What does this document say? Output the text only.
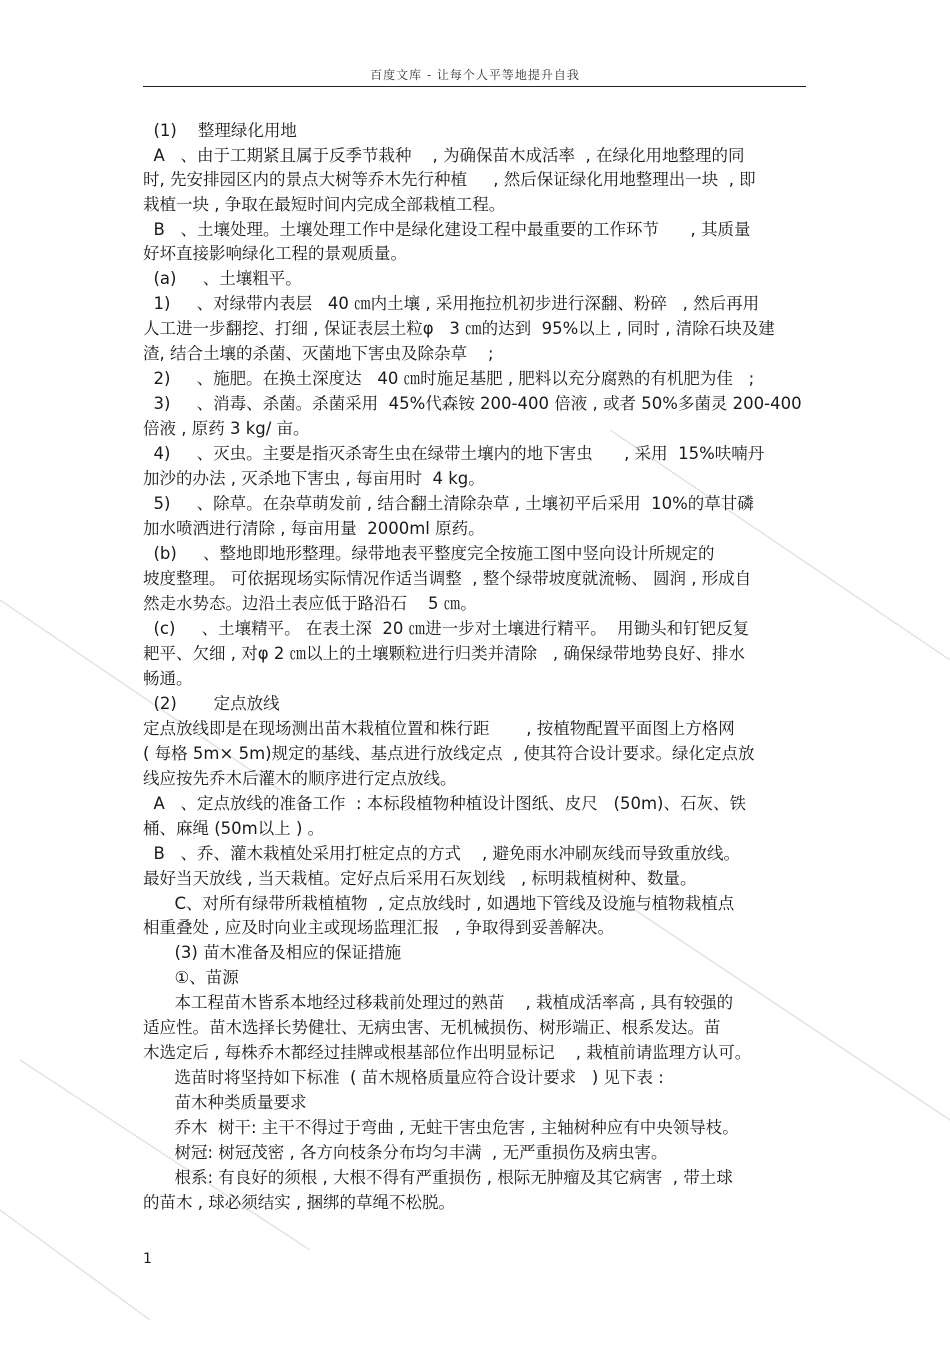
百度文库 - 让每个人平等地提升自我
(1)    整理绿化用地
A   、由于工期紧且属于反季节栽种    , 为确保苗木成活率  , 在绿化用地整理的同
时, 先安排园区内的景点大树等乔木先行种植     , 然后保证绿化用地整理出一块  , 即
栽植一块 , 争取在最短时间内完成全部栽植工程。
B   、土壤处理。土壤处理工作中是绿化建设工程中最重要的工作环节      , 其质量
好坏直接影响绿化工程的景观质量。
(a)     、土壤粗平。
1)     、对绿带内表层   40 ㎝内土壤 , 采用拖拉机初步进行深翻、粉碎   , 然后再用
人工进一步翻挖、打细 , 保证表层土粒φ   3 ㎝的达到  95%以上 , 同时 , 清除石块及建
渣, 结合土壤的杀菌、灭菌地下害虫及除杂草    ;
2)     、施肥。在换土深度达   40 ㎝时施足基肥 , 肥料以充分腐熟的有机肥为佳   ;
3)     、消毒、杀菌。杀菌采用  45%代森铵 200-400 倍液 , 或者 50%多菌灵 200-400
倍液 , 原药 3 kg/ 亩。
4)     、灭虫。主要是指灭杀寄生虫在绿带土壤内的地下害虫      , 采用  15%呋喃丹
加沙的办法 , 灭杀地下害虫 , 每亩用时  4 kg。
5)     、除草。在杂草萌发前 , 结合翻土清除杂草 , 土壤初平后采用  10%的草甘磷
加水喷洒进行清除 , 每亩用量  2000ml 原药。
(b)     、整地即地形整理。绿带地表平整度完全按施工图中竖向设计所规定的
坡度整理。 可依据现场实际情况作适当调整  , 整个绿带坡度就流畅、 圆润 , 形成自
然走水势态。边沿土表应低于路沿石    5 ㎝。
(c)     、土壤精平。 在表土深  20 ㎝进一步对土壤进行精平。  用锄头和钉钯反复
耙平、欠细 , 对φ 2 ㎝以上的土壤颗粒进行归类并清除   , 确保绿带地势良好、排水
畅通。
(2)       定点放线
定点放线即是在现场测出苗木栽植位置和株行距       , 按植物配置平面图上方格网
( 每格 5m× 5m)规定的基线、基点进行放线定点  , 使其符合设计要求。绿化定点放
线应按先乔木后灌木的顺序进行定点放线。
A   、定点放线的准备工作  : 本标段植物种植设计图纸、皮尺   (50m)、石灰、铁
桶、麻绳 (50m以上 ) 。
B   、乔、灌木栽植处采用打桩定点的方式    , 避免雨水冲刷灰线而导致重放线。
最好当天放线 , 当天栽植。定好点后采用石灰划线   , 标明栽植树种、数量。
C、对所有绿带所栽植植物  , 定点放线时 , 如遇地下管线及设施与植物栽植点
相重叠处 , 应及时向业主或现场监理汇报   , 争取得到妥善解决。
(3) 苗木准备及相应的保证措施
①、苗源
本工程苗木皆系本地经过移栽前处理过的熟苗    , 栽植成活率高 , 具有较强的
适应性。苗木选择长势健壮、无病虫害、无机械损伤、树形端正、根系发达。苗
木选定后 , 每株乔木都经过挂牌或根基部位作出明显标记    , 栽植前请监理方认可。
选苗时将坚持如下标准  ( 苗木规格质量应符合设计要求   ) 见下表 :
苗木种类质量要求
乔木  树干: 主干不得过于弯曲 , 无蛀干害虫危害 , 主轴树种应有中央领导枝。
树冠: 树冠茂密 , 各方向枝条分布均匀丰满  , 无严重损伤及病虫害。
根系: 有良好的须根 , 大根不得有严重损伤 , 根际无肿瘤及其它病害  , 带土球
的苗木 , 球必须结实 , 捆绑的草绳不松脱。
1
